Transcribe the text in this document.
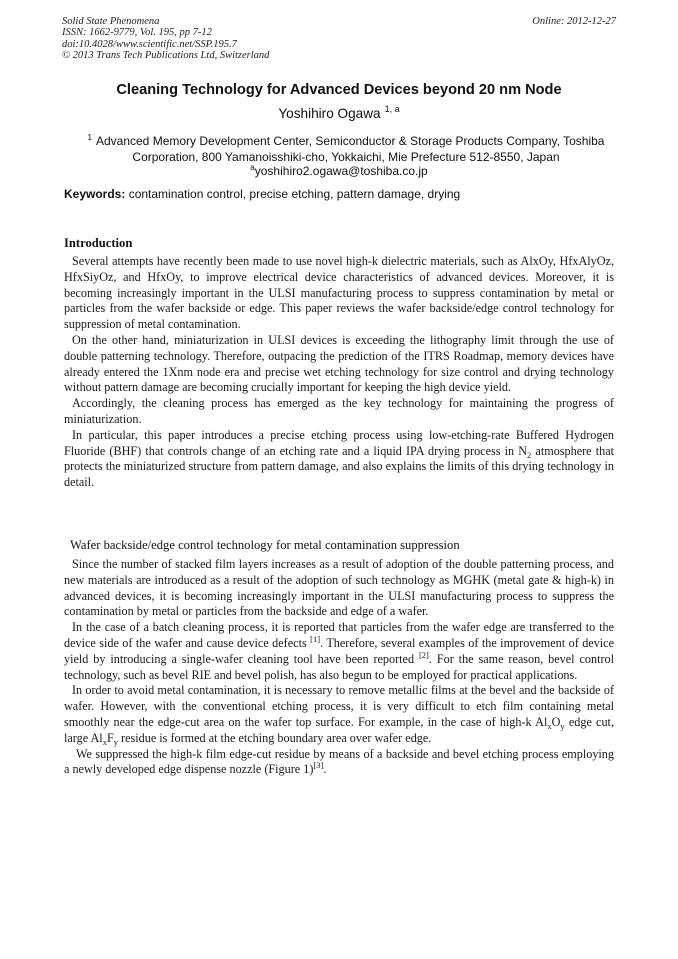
Solid State Phenomena
ISSN: 1662-9779, Vol. 195, pp 7-12
doi:10.4028/www.scientific.net/SSP.195.7
© 2013 Trans Tech Publications Ltd, Switzerland
Online: 2012-12-27
Cleaning Technology for Advanced Devices beyond 20 nm Node
Yoshihiro Ogawa $^{1, a}$
$^1$ Advanced Memory Development Center, Semiconductor & Storage Products Company, Toshiba Corporation, 800 Yamanoisshiki-cho, Yokkaichi, Mie Prefecture 512-8550, Japan
$^a$yoshihiro2.ogawa@toshiba.co.jp
Keywords: contamination control, precise etching, pattern damage, drying
Introduction

Several attempts have recently been made to use novel high-k dielectric materials, such as AlxOy, HfxAlyOz, HfxSiyOz, and HfxOy, to improve electrical device characteristics of advanced devices. Moreover, it is becoming increasingly important in the ULSI manufacturing process to suppress contamination by metal or particles from the wafer backside or edge. This paper reviews the wafer backside/edge control technology for suppression of metal contamination.

On the other hand, miniaturization in ULSI devices is exceeding the lithography limit through the use of double patterning technology. Therefore, outpacing the prediction of the ITRS Roadmap, memory devices have already entered the 1Xnm node era and precise wet etching technology for size control and drying technology without pattern damage are becoming crucially important for keeping the high device yield.

Accordingly, the cleaning process has emerged as the key technology for maintaining the progress of miniaturization.

In particular, this paper introduces a precise etching process using low-etching-rate Buffered Hydrogen Fluoride (BHF) that controls change of an etching rate and a liquid IPA drying process in $N_2$ atmosphere that protects the miniaturized structure from pattern damage, and also explains the limits of this drying technology in detail.

Wafer backside/edge control technology for metal contamination suppression

Since the number of stacked film layers increases as a result of adoption of the double patterning process, and new materials are introduced as a result of the adoption of such technology as MGHK (metal gate & high-k) in advanced devices, it is becoming increasingly important in the ULSI manufacturing process to suppress the contamination by metal or particles from the backside and edge of a wafer.

In the case of a batch cleaning process, it is reported that particles from the wafer edge are transferred to the device side of the wafer and cause device defects [1]. Therefore, several examples of the improvement of device yield by introducing a single-wafer cleaning tool have been reported [2]. For the same reason, bevel control technology, such as bevel RIE and bevel polish, has also begun to be employed for practical applications.

In order to avoid metal contamination, it is necessary to remove metallic films at the bevel and the backside of wafer. However, with the conventional etching process, it is very difficult to etch film containing metal smoothly near the edge-cut area on the wafer top surface. For example, in the case of high-k $Al_xO_y$ edge cut, large $Al_xF_y$ residue is formed at the etching boundary area over wafer edge.

We suppressed the high-k film edge-cut residue by means of a backside and bevel etching process employing a newly developed edge dispense nozzle (Figure 1)[3].
